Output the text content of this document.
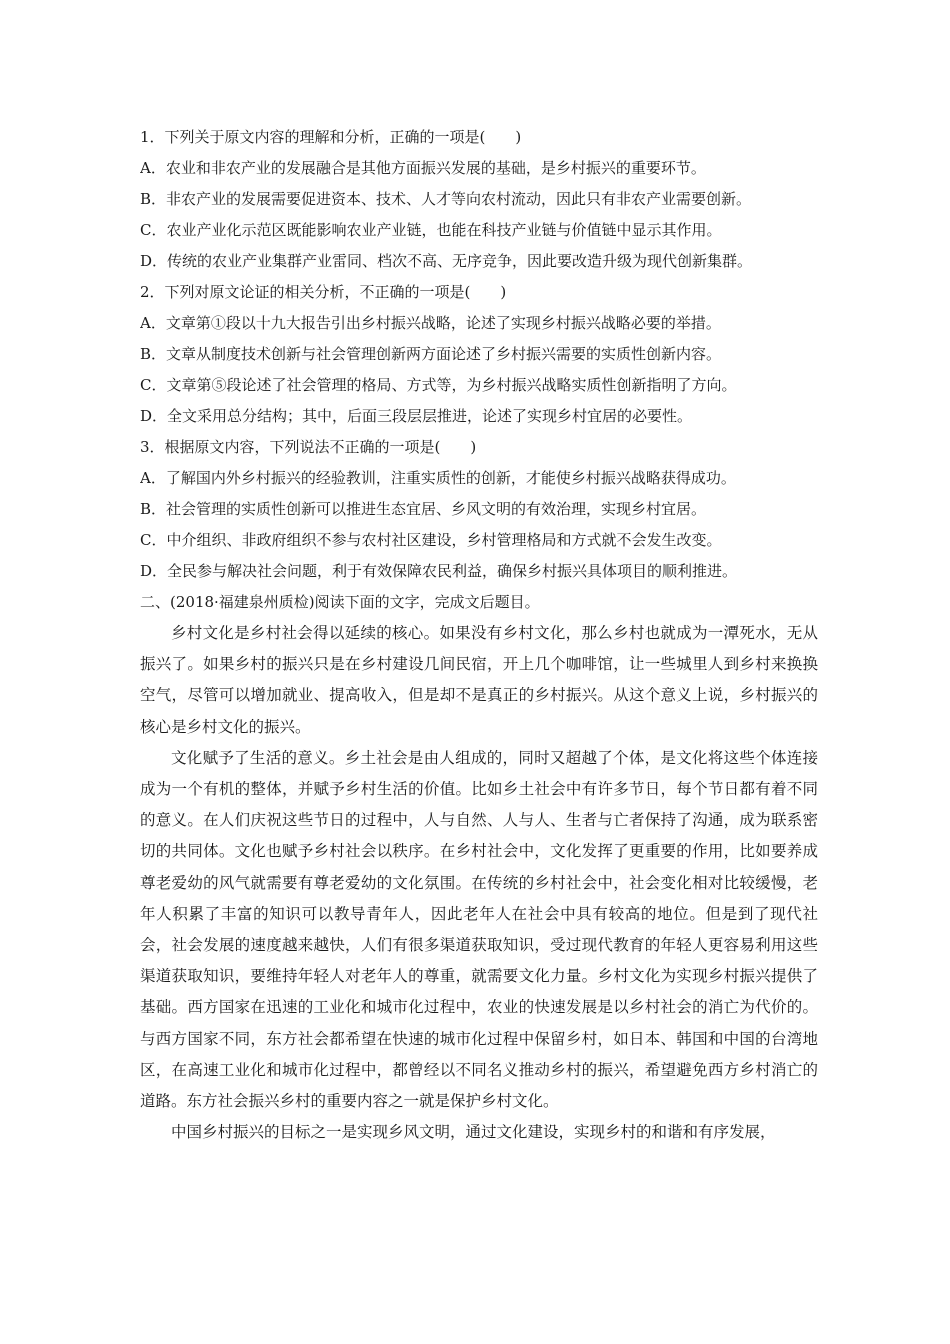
1．下列关于原文内容的理解和分析，正确的一项是(　　)
A．农业和非农产业的发展融合是其他方面振兴发展的基础，是乡村振兴的重要环节。
B．非农产业的发展需要促进资本、技术、人才等向农村流动，因此只有非农产业需要创新。
C．农业产业化示范区既能影响农业产业链，也能在科技产业链与价值链中显示其作用。
D．传统的农业产业集群产业雷同、档次不高、无序竞争，因此要改造升级为现代创新集群。
2．下列对原文论证的相关分析，不正确的一项是(　　)
A．文章第①段以十九大报告引出乡村振兴战略，论述了实现乡村振兴战略必要的举措。
B．文章从制度技术创新与社会管理创新两方面论述了乡村振兴需要的实质性创新内容。
C．文章第⑤段论述了社会管理的格局、方式等，为乡村振兴战略实质性创新指明了方向。
D．全文采用总分结构；其中，后面三段层层推进，论述了实现乡村宜居的必要性。
3．根据原文内容，下列说法不正确的一项是(　　)
A．了解国内外乡村振兴的经验教训，注重实质性的创新，才能使乡村振兴战略获得成功。
B．社会管理的实质性创新可以推进生态宜居、乡风文明的有效治理，实现乡村宜居。
C．中介组织、非政府组织不参与农村社区建设，乡村管理格局和方式就不会发生改变。
D．全民参与解决社会问题，利于有效保障农民利益，确保乡村振兴具体项目的顺利推进。
二、(2018·福建泉州质检)阅读下面的文字，完成文后题目。

乡村文化是乡村社会得以延续的核心。如果没有乡村文化，那么乡村也就成为一潭死水，无从振兴了。如果乡村的振兴只是在乡村建设几间民宿，开上几个咖啡馆，让一些城里人到乡村来换换空气，尽管可以增加就业、提高收入，但是却不是真正的乡村振兴。从这个意义上说，乡村振兴的核心是乡村文化的振兴。

文化赋予了生活的意义。乡土社会是由人组成的，同时又超越了个体，是文化将这些个体连接成为一个有机的整体，并赋予乡村生活的价值。比如乡土社会中有许多节日，每个节日都有着不同的意义。在人们庆祝这些节日的过程中，人与自然、人与人、生者与亡者保持了沟通，成为联系密切的共同体。文化也赋予乡村社会以秩序。在乡村社会中，文化发挥了更重要的作用，比如要养成尊老爱幼的风气就需要有尊老爱幼的文化氛围。在传统的乡村社会中，社会变化相对比较缓慢，老年人积累了丰富的知识可以教导青年人，因此老年人在社会中具有较高的地位。但是到了现代社会，社会发展的速度越来越快，人们有很多渠道获取知识，受过现代教育的年轻人更容易利用这些渠道获取知识，要维持年轻人对老年人的尊重，就需要文化力量。乡村文化为实现乡村振兴提供了基础。西方国家在迅速的工业化和城市化过程中，农业的快速发展是以乡村社会的消亡为代价的。与西方国家不同，东方社会都希望在快速的城市化过程中保留乡村，如日本、韩国和中国的台湾地区，在高速工业化和城市化过程中，都曾经以不同名义推动乡村的振兴，希望避免西方乡村消亡的道路。东方社会振兴乡村的重要内容之一就是保护乡村文化。

中国乡村振兴的目标之一是实现乡风文明，通过文化建设，实现乡村的和谐和有序发展，
